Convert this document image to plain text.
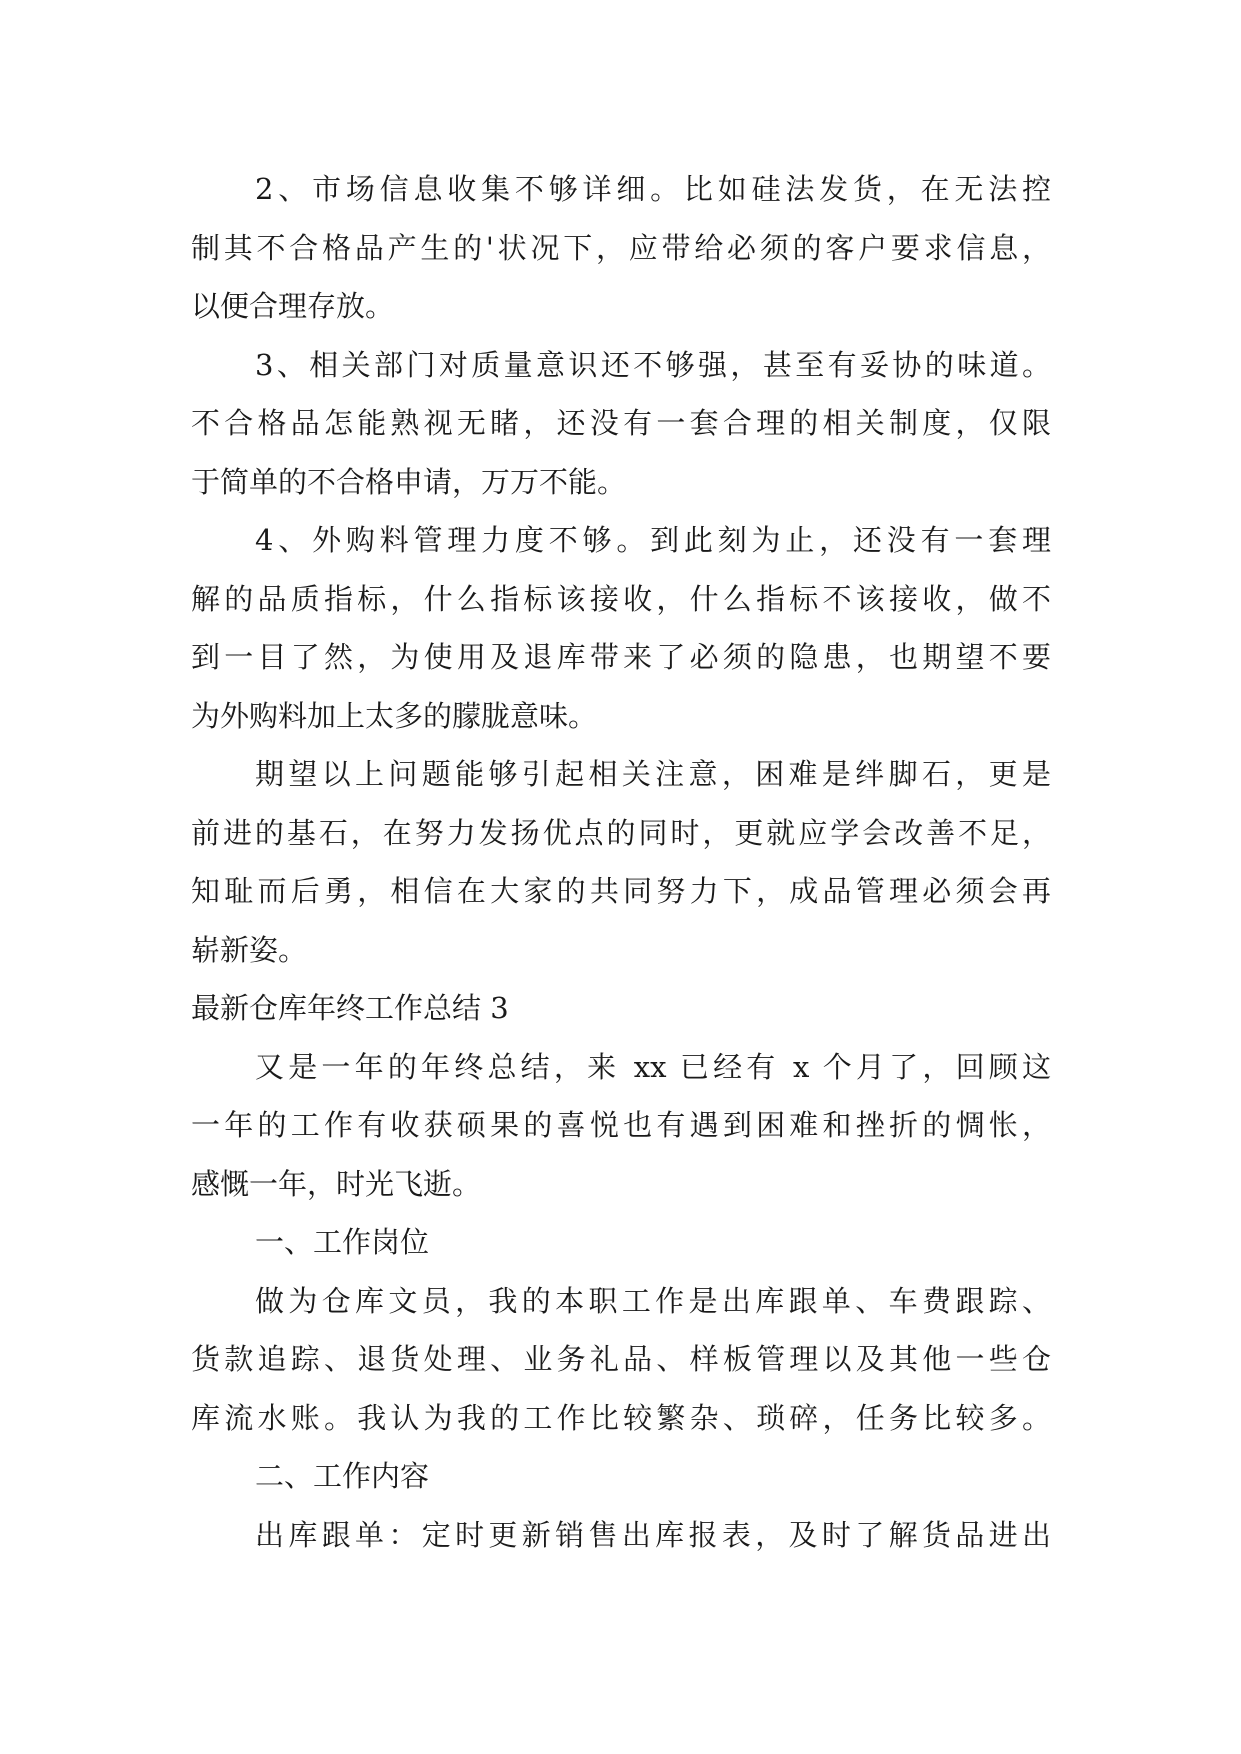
2、市场信息收集不够详细。比如硅法发货，在无法控
制其不合格品产生的'状况下，应带给必须的客户要求信息，
以便合理存放。
3、相关部门对质量意识还不够强，甚至有妥协的味道。
不合格品怎能熟视无睹，还没有一套合理的相关制度，仅限
于简单的不合格申请，万万不能。
4、外购料管理力度不够。到此刻为止，还没有一套理
解的品质指标，什么指标该接收，什么指标不该接收，做不
到一目了然，为使用及退库带来了必须的隐患，也期望不要
为外购料加上太多的朦胧意味。
期望以上问题能够引起相关注意，困难是绊脚石，更是
前进的基石，在努力发扬优点的同时，更就应学会改善不足，
知耻而后勇，相信在大家的共同努力下，成品管理必须会再
崭新姿。
最新仓库年终工作总结 3
又是一年的年终总结，来 xx 已经有 x 个月了，回顾这
一年的工作有收获硕果的喜悦也有遇到困难和挫折的惆怅，
感慨一年，时光飞逝。
一、工作岗位
做为仓库文员，我的本职工作是出库跟单、车费跟踪、
货款追踪、退货处理、业务礼品、样板管理以及其他一些仓
库流水账。我认为我的工作比较繁杂、琐碎，任务比较多。
二、工作内容
出库跟单：定时更新销售出库报表，及时了解货品进出
